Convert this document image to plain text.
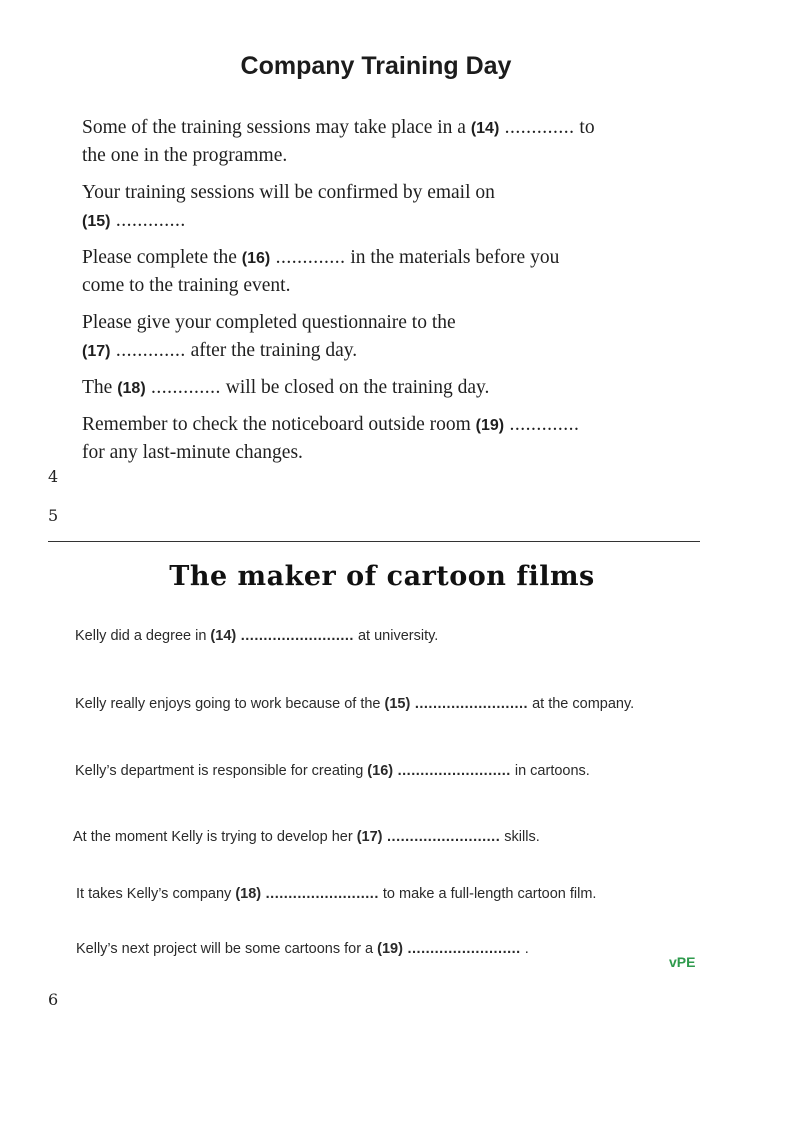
Company Training Day
Some of the training sessions may take place in a (14) ............. to
the one in the programme.
Your training sessions will be confirmed by email on
(15) .............
Please complete the (16) ............. in the materials before you
come to the training event.
Please give your completed questionnaire to the
(17) ............. after the training day.
The (18) ............. will be closed on the training day.
Remember to check the noticeboard outside room (19) .............
for any last-minute changes.
4
5
The maker of cartoon films
Kelly did a degree in (14) ......................... at university.
Kelly really enjoys going to work because of the (15) ......................... at the company.
Kelly’s department is responsible for creating (16) ......................... in cartoons.
At the moment Kelly is trying to develop her (17) ......................... skills.
It takes Kelly’s company (18) ......................... to make a full-length cartoon film.
Kelly’s next project will be some cartoons for a (19) ......................... .
vPE
6
